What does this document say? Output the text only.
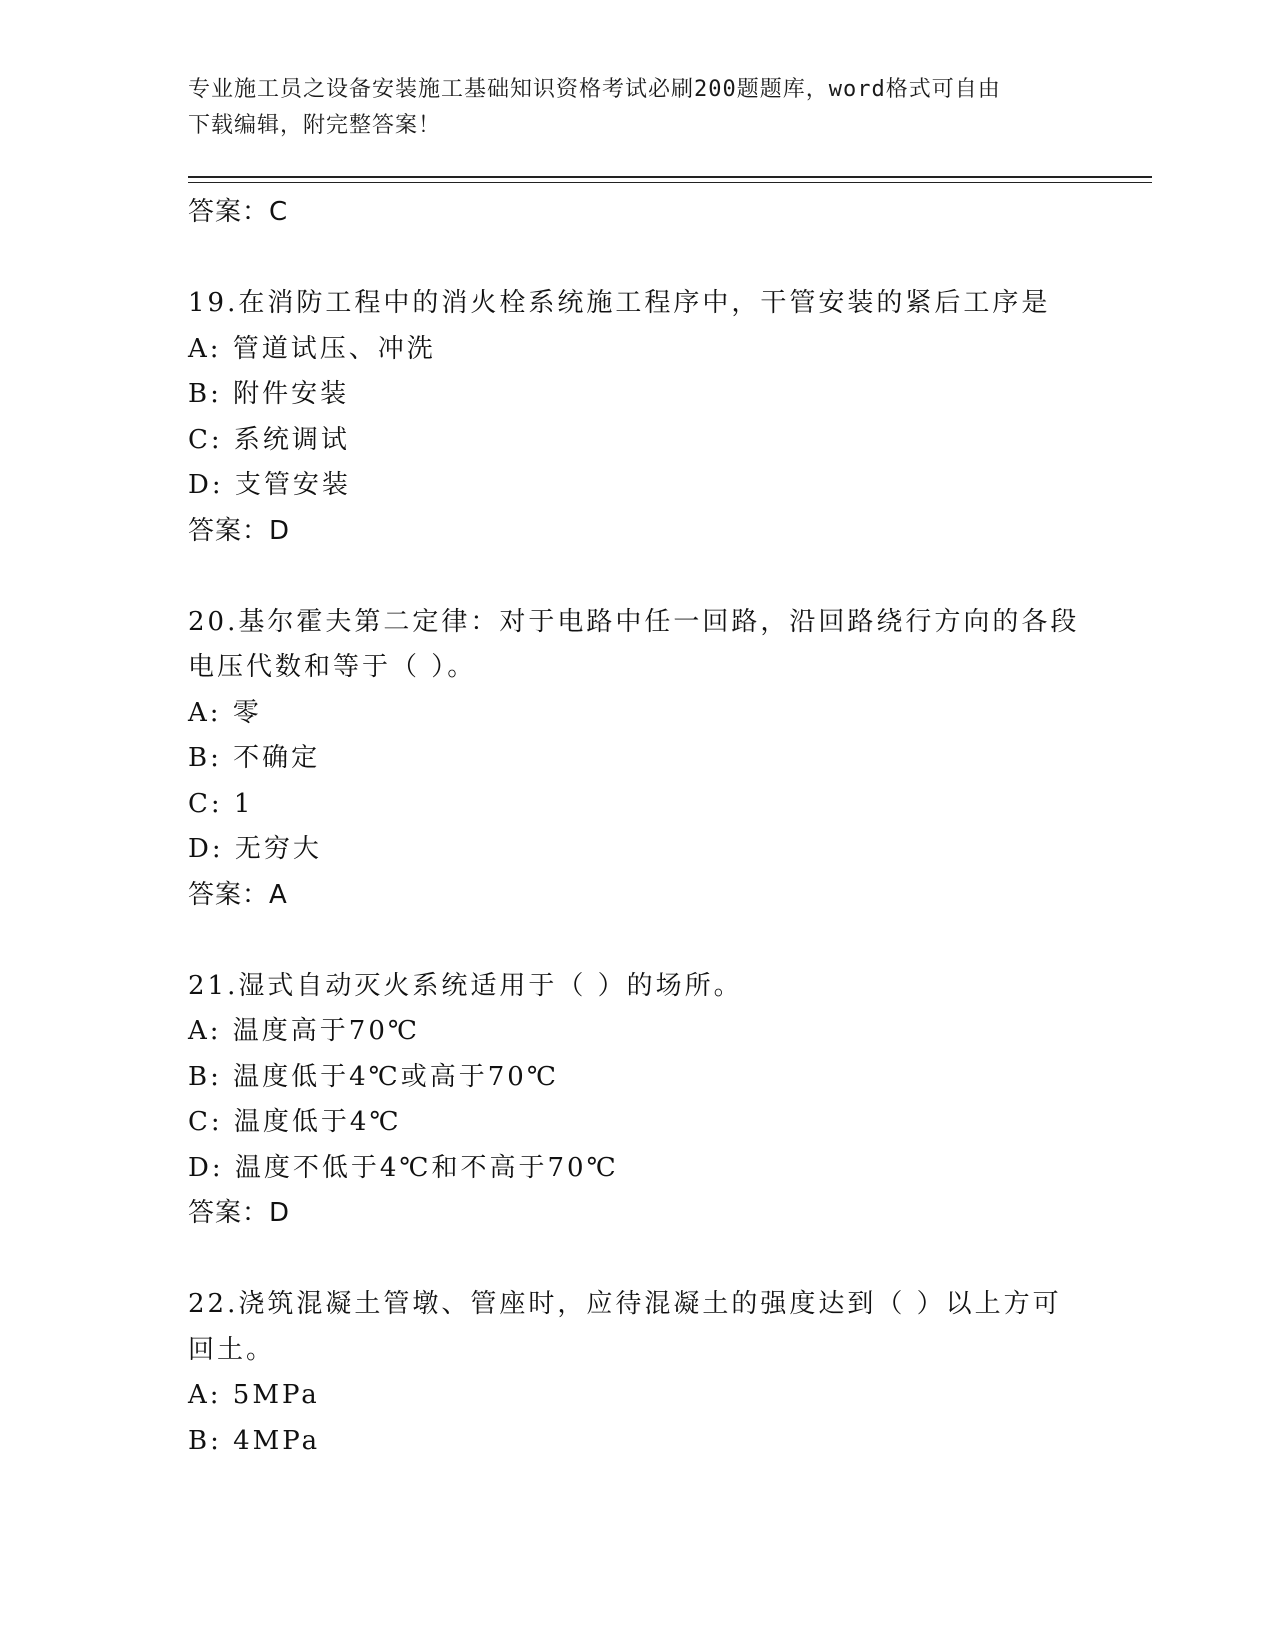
专业施工员之设备安装施工基础知识资格考试必刷200题题库，word格式可自由
下载编辑，附完整答案！
答案：C
19.在消防工程中的消火栓系统施工程序中，干管安装的紧后工序是
A: 管道试压、冲洗
B: 附件安装
C: 系统调试
D: 支管安装
答案：D
20.基尔霍夫第二定律：对于电路中任一回路，沿回路绕行方向的各段
电压代数和等于（ ）。
A: 零
B: 不确定
C: 1
D: 无穷大
答案：A
21.湿式自动灭火系统适用于（ ）的场所。
A: 温度高于70℃
B: 温度低于4℃或高于70℃
C: 温度低于4℃
D: 温度不低于4℃和不高于70℃
答案：D
22.浇筑混凝土管墩、管座时，应待混凝土的强度达到（ ）以上方可
回土。
A: 5MPa
B: 4MPa
